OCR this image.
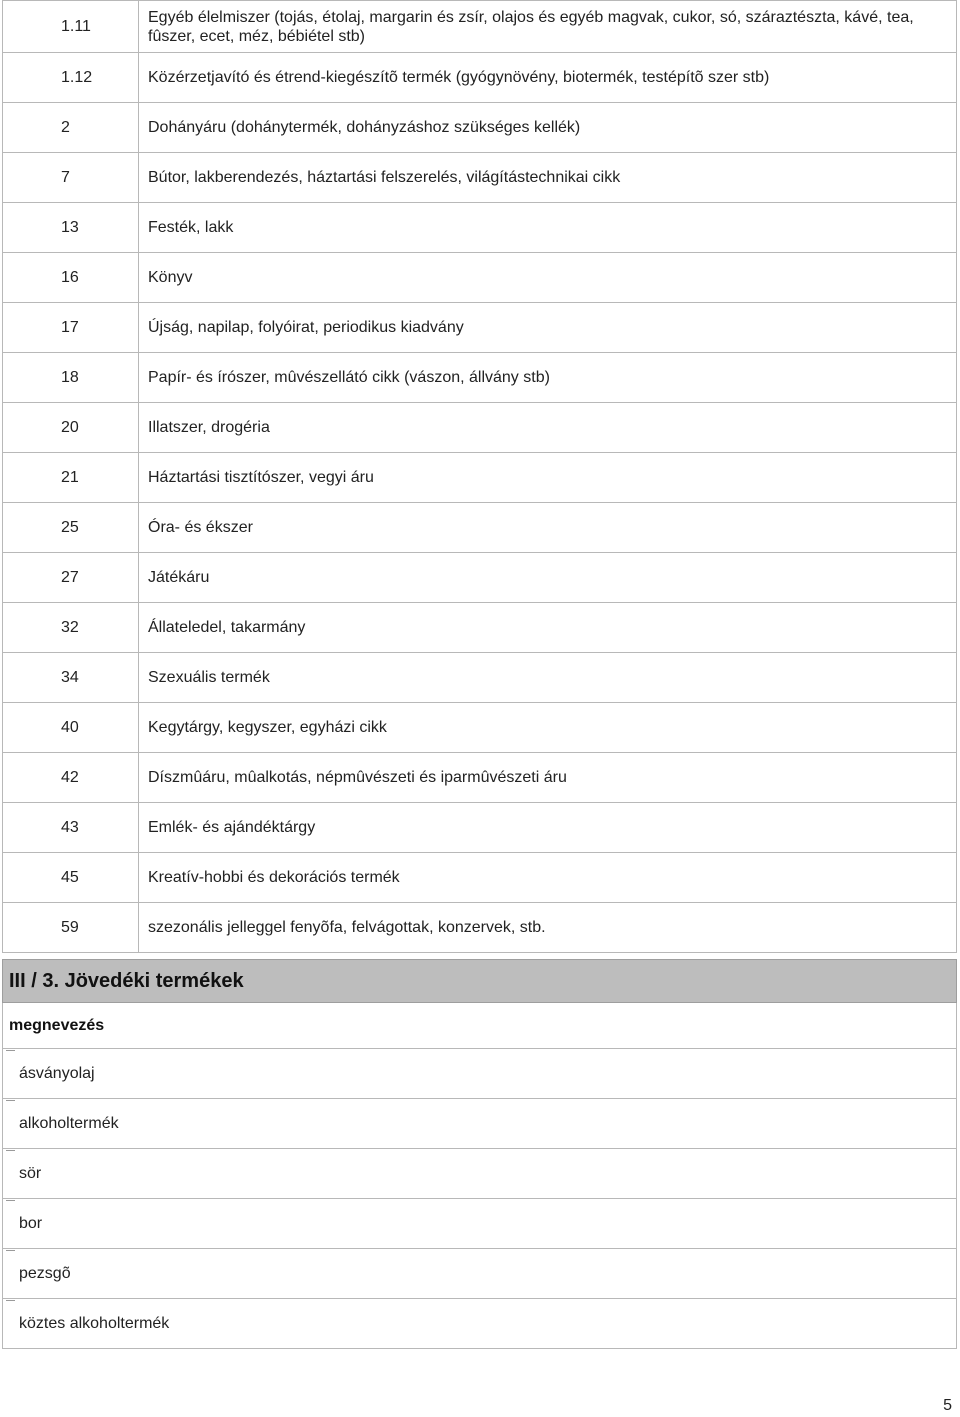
1.11	Egyéb élelmiszer (tojás, étolaj, margarin és zsír, olajos és egyéb magvak, cukor, só, száraztészta, kávé, tea, fûszer, ecet, méz, bébiétel stb)
1.12	Közérzetjavító és étrend-kiegészítõ termék (gyógynövény, biotermék, testépítõ szer stb)
2	Dohányáru (dohánytermék, dohányzáshoz szükséges kellék)
7	Bútor, lakberendezés, háztartási felszerelés, világítástechnikai cikk
13	Festék, lakk
16	Könyv
17	Újság, napilap, folyóirat, periodikus kiadvány
18	Papír- és írószer, mûvészellátó cikk (vászon, állvány stb)
20	Illatszer, drogéria
21	Háztartási tisztítószer, vegyi áru
25	Óra- és ékszer
27	Játékáru
32	Állateledel, takarmány
34	Szexuális termék
40	Kegytárgy, kegyszer, egyházi cikk
42	Díszmûáru, mûalkotás, népmûvészeti és iparmûvészeti áru
43	Emlék- és ajándéktárgy
45	Kreatív-hobbi és dekorációs termék
59	szezonális jelleggel fenyõfa, felvágottak, konzervek, stb.
III / 3. Jövedéki termékek
megnevezés
ásványolaj
alkoholtermék
sör
bor
pezsgõ
köztes alkoholtermék
5
